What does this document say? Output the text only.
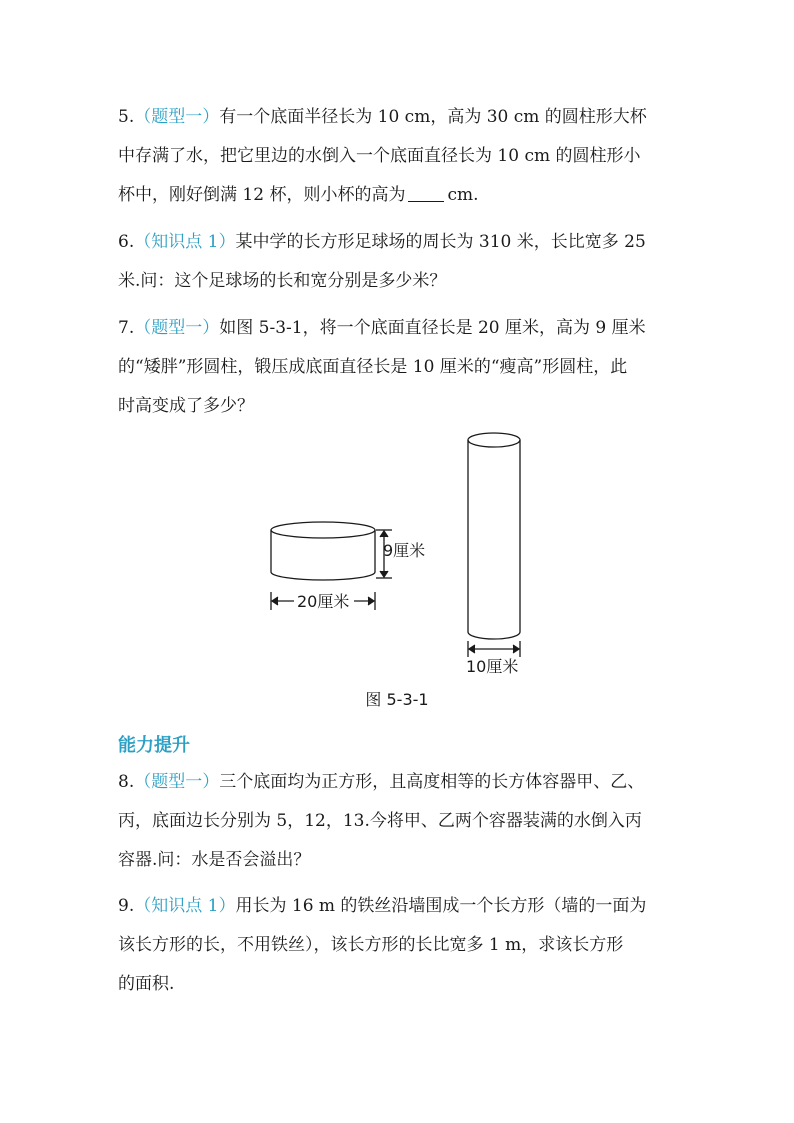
5.（题型一）有一个底面半径长为 10 cm，高为 30 cm 的圆柱形大杯

中存满了水，把它里边的水倒入一个底面直径长为 10 cm 的圆柱形小

杯中，刚好倒满 12 杯，则小杯的高为 cm.

6.（知识点 1）某中学的长方形足球场的周长为 310 米，长比宽多 25

米.问：这个足球场的长和宽分别是多少米？

7.（题型一）如图 5-3-1，将一个底面直径长是 20 厘米，高为 9 厘米

的“矮胖”形圆柱，锻压成底面直径长是 10 厘米的“瘦高”形圆柱，此

时高变成了多少？

9厘米
20厘米
10厘米
图 5-3-1
能力提升

8.（题型一）三个底面均为正方形，且高度相等的长方体容器甲、乙、

丙，底面边长分别为 5，12，13.今将甲、乙两个容器装满的水倒入丙

容器.问：水是否会溢出？

9.（知识点 1）用长为 16 m 的铁丝沿墙围成一个长方形（墙的一面为

该长方形的长，不用铁丝），该长方形的长比宽多 1 m，求该长方形

的面积.
